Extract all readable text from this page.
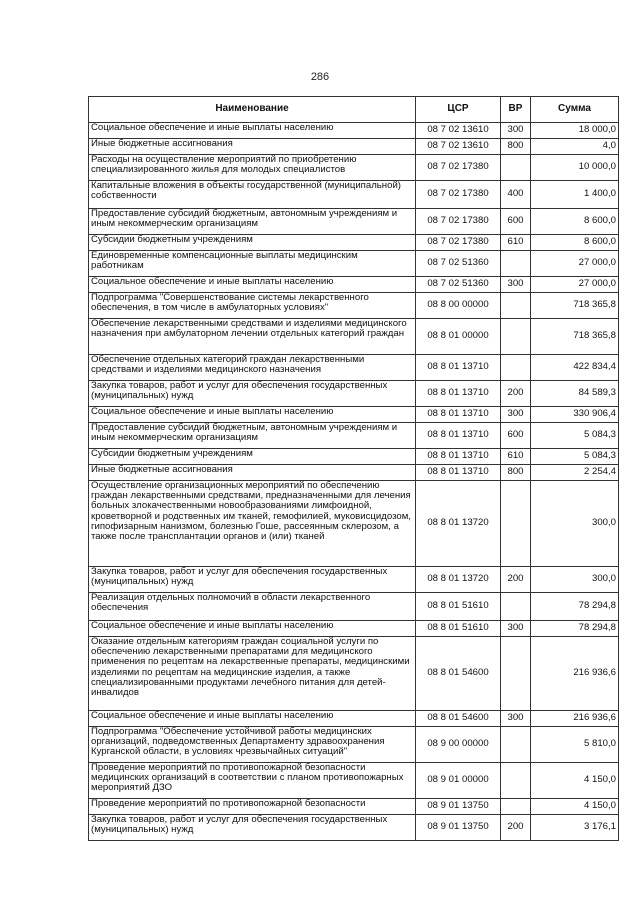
286
Наименование	ЦСР	ВР	Сумма
Социальное обеспечение и иные выплаты населению	08 7 02 13610	300	18 000,0
Иные бюджетные ассигнования	08 7 02 13610	800	4,0
Расходы на осуществление мероприятий по приобретению специализированного жилья для молодых специалистов	08 7 02 17380		10 000,0
Капитальные вложения в объекты государственной (муниципальной) собственности	08 7 02 17380	400	1 400,0
Предоставление субсидий бюджетным, автономным учреждениям и иным некоммерческим организациям	08 7 02 17380	600	8 600,0
Субсидии бюджетным учреждениям	08 7 02 17380	610	8 600,0
Единовременные компенсационные выплаты медицинским работникам	08 7 02 51360		27 000,0
Социальное обеспечение и иные выплаты населению	08 7 02 51360	300	27 000,0
Подпрограмма "Совершенствование системы лекарственного обеспечения, в том числе в амбулаторных условиях"	08 8 00 00000		718 365,8
Обеспечение лекарственными средствами и изделиями медицинского назначения при амбулаторном лечении отдельных категорий граждан	08 8 01 00000		718 365,8
Обеспечение отдельных категорий граждан лекарственными средствами и изделиями медицинского назначения	08 8 01 13710		422 834,4
Закупка товаров, работ и услуг для обеспечения государственных (муниципальных) нужд	08 8 01 13710	200	84 589,3
Социальное обеспечение и иные выплаты населению	08 8 01 13710	300	330 906,4
Предоставление субсидий бюджетным, автономным учреждениям и иным некоммерческим организациям	08 8 01 13710	600	5 084,3
Субсидии бюджетным учреждениям	08 8 01 13710	610	5 084,3
Иные бюджетные ассигнования	08 8 01 13710	800	2 254,4
Осуществление организационных мероприятий по обеспечению граждан лекарственными средствами, предназначенными для лечения больных злокачественными новообразованиями лимфоидной, кроветворной и родственных им тканей, гемофилией, муковисцидозом, гипофизарным нанизмом, болезнью Гоше, рассеянным склерозом, а также после трансплантации органов и (или) тканей	08 8 01 13720		300,0
Закупка товаров, работ и услуг для обеспечения государственных (муниципальных) нужд	08 8 01 13720	200	300,0
Реализация отдельных полномочий в области лекарственного обеспечения	08 8 01 51610		78 294,8
Социальное обеспечение и иные выплаты населению	08 8 01 51610	300	78 294,8
Оказание отдельным категориям граждан социальной услуги по обеспечению лекарственными препаратами для медицинского применения по рецептам на лекарственные препараты, медицинскими изделиями по рецептам на медицинские изделия, а также специализированными продуктами лечебного питания для детей-инвалидов	08 8 01 54600		216 936,6
Социальное обеспечение и иные выплаты населению	08 8 01 54600	300	216 936,6
Подпрограмма "Обеспечение устойчивой работы медицинских организаций, подведомственных Департаменту здравоохранения Курганской области, в условиях чрезвычайных ситуаций"	08 9 00 00000		5 810,0
Проведение мероприятий по противопожарной безопасности медицинских организаций в соответствии с планом противопожарных мероприятий ДЗО	08 9 01 00000		4 150,0
Проведение мероприятий по противопожарной безопасности	08 9 01 13750		4 150,0
Закупка товаров, работ и услуг для обеспечения государственных (муниципальных) нужд	08 9 01 13750	200	3 176,1
